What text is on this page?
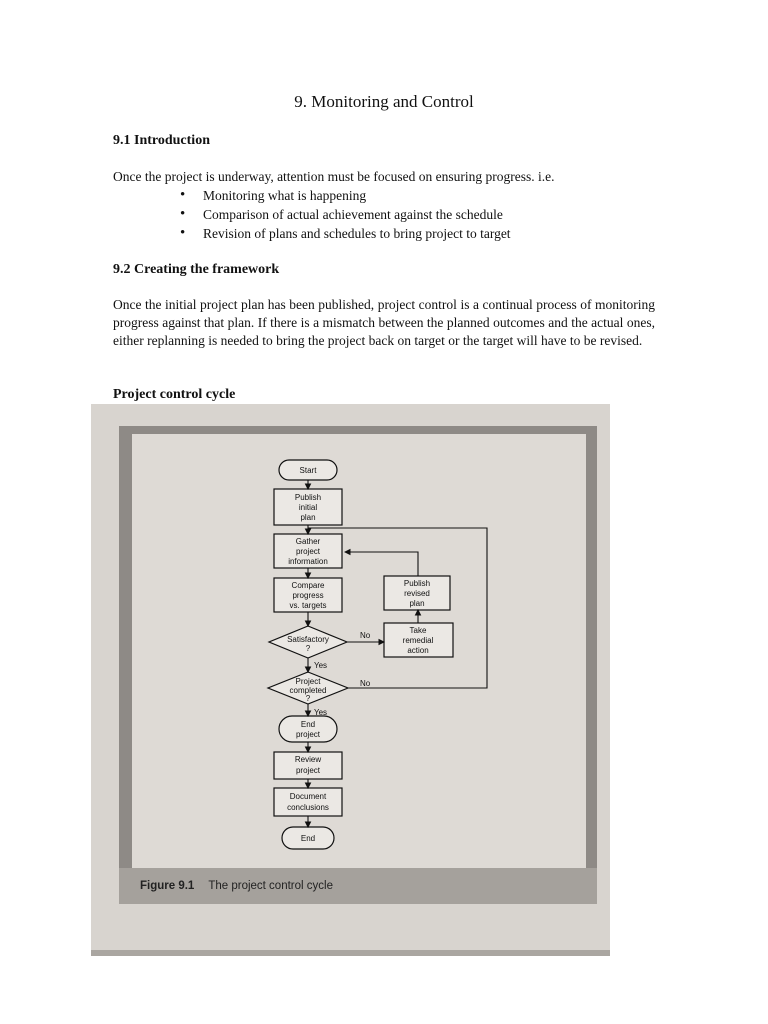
9. Monitoring and Control
9.1 Introduction

Once the project is underway, attention must be focused on ensuring progress. i.e.

• Monitoring what is happening
• Comparison of actual achievement against the schedule
• Revision of plans and schedules to bring project to target
9.2 Creating the framework

Once the initial project plan has been published, project control is a continual process of monitoring progress against that plan. If there is a mismatch between the planned outcomes and the actual ones, either replanning is needed to bring the project back on target or the target will have to be revised.

Project control cycle
Start
Publish
initial
plan
Gather
project
information
Compare
progress
vs. targets
Satisfactory
?
Project
completed
?
End
project
Review
project
Document
conclusions
End
Publish
revised
plan
Take
remedial
action
Yes
No
Yes
No

Figure 9.1 The project control cycle
